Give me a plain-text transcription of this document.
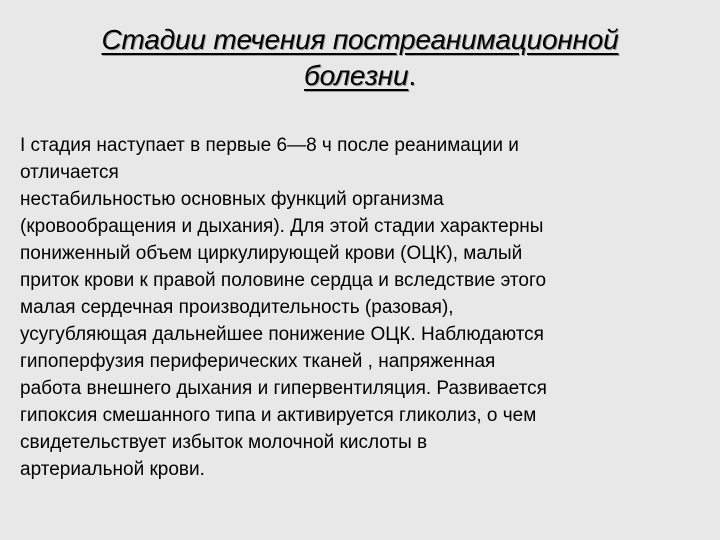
Стадии течения постреанимационной
болезни.
I стадия наступает в первые 6—8 ч после реанимации и
отличается
нестабильностью основных функций организма
(кровообращения и дыхания). Для этой стадии характерны
пониженный объем циркулирующей крови (ОЦК), малый
приток крови к правой половине сердца и вследствие этого
малая сердечная производительность (разовая),
усугубляющая дальнейшее понижение ОЦК. Наблюдаются
гипоперфузия периферических тканей , напряженная
работа внешнего дыхания и гипервентиляция. Развивается
гипоксия смешанного типа и активируется гликолиз, о чем
свидетельствует избыток молочной кислоты в
артериальной крови.
